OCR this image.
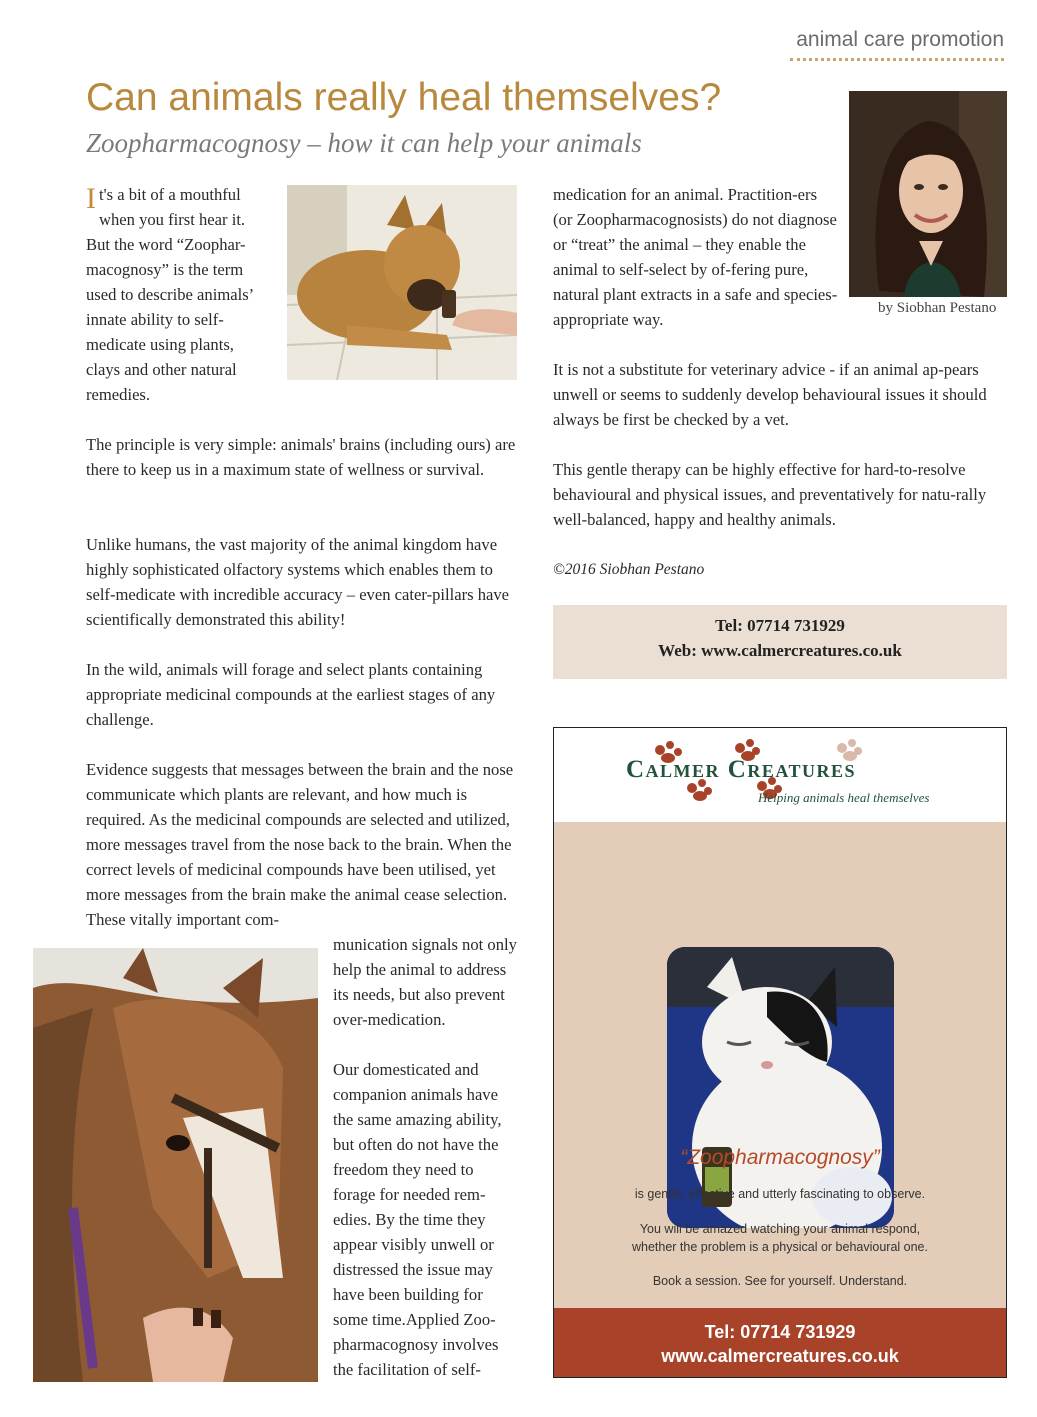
animal care promotion
Can animals really heal themselves?
Zoopharmacognosy – how it can help your animals
by Siobhan Pestano

It's a bit of a mouthful
when you first hear it.
But the word “Zoophar-
macognosy” is the term
used to describe animals’
innate ability to self-
medicate using plants,
clays and other natural
remedies.

The principle is very simple: animals' brains (including ours) are there to keep us in a maximum state of wellness or survival.

Unlike humans, the vast majority of the animal kingdom have highly sophisticated olfactory systems which enables them to self-medicate with incredible accuracy – even cater-pillars have scientifically demonstrated this ability!

In the wild, animals will forage and select plants containing appropriate medicinal compounds at the earliest stages of any challenge.

Evidence suggests that messages between the brain and the nose communicate which plants are relevant, and how much is required. As the medicinal compounds are selected and utilized, more messages travel from the nose back to the brain. When the correct levels of medicinal compounds have been utilised, yet more messages from the brain make the animal cease selection. These vitally important com-

munication signals not only help the animal to address its needs, but also prevent over-medication.

Our domesticated and companion animals have the same amazing ability, but often do not have the freedom they need to forage for needed rem-edies. By the time they appear visibly unwell or distressed the issue may have been building for some time.Applied Zoo-pharmacognosy involves the facilitation of self-

medication for an animal. Practition-ers (or Zoopharmacognosists) do not diagnose or “treat” the animal – they enable the animal to self-select by of-fering pure, natural plant extracts in a safe and species-appropriate way.

It is not a substitute for veterinary advice - if an animal ap-pears unwell or seems to suddenly develop behavioural issues it should always be first be checked by a vet.

This gentle therapy can be highly effective for hard-to-resolve behavioural and physical issues, and preventatively for natu-rally well-balanced, happy and healthy animals.

©2016 Siobhan Pestano

Tel: 07714 731929
Web: www.calmercreatures.co.uk
Calmer Creatures
Helping animals heal themselves
“Zoopharmacognosy”
is gentle, effective and utterly fascinating to observe.
You will be amazed watching your animal respond,
whether the problem is a physical or behavioural one.
Book a session. See for yourself. Understand.
Tel: 07714 731929
www.calmercreatures.co.uk
